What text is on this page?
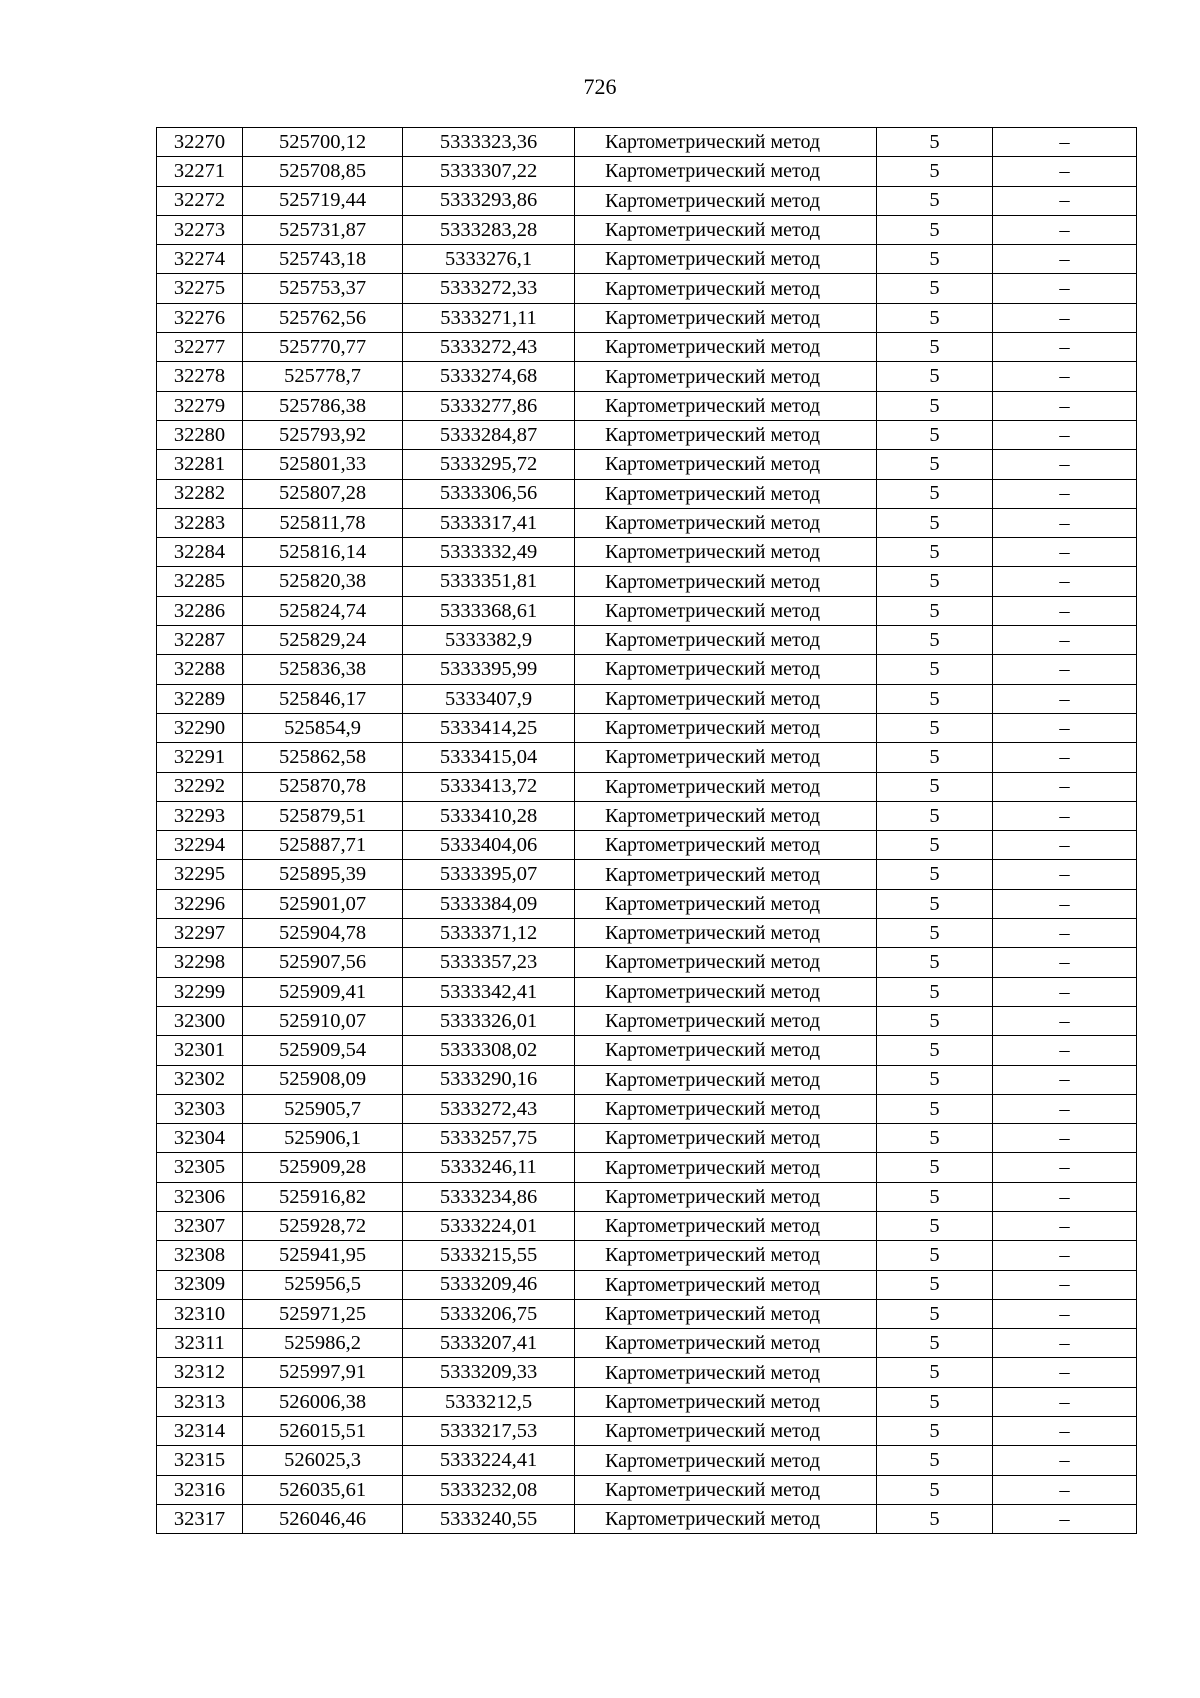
726
32270	525700,12	5333323,36	Картометрический метод	5	–
32271	525708,85	5333307,22	Картометрический метод	5	–
32272	525719,44	5333293,86	Картометрический метод	5	–
32273	525731,87	5333283,28	Картометрический метод	5	–
32274	525743,18	5333276,1	Картометрический метод	5	–
32275	525753,37	5333272,33	Картометрический метод	5	–
32276	525762,56	5333271,11	Картометрический метод	5	–
32277	525770,77	5333272,43	Картометрический метод	5	–
32278	525778,7	5333274,68	Картометрический метод	5	–
32279	525786,38	5333277,86	Картометрический метод	5	–
32280	525793,92	5333284,87	Картометрический метод	5	–
32281	525801,33	5333295,72	Картометрический метод	5	–
32282	525807,28	5333306,56	Картометрический метод	5	–
32283	525811,78	5333317,41	Картометрический метод	5	–
32284	525816,14	5333332,49	Картометрический метод	5	–
32285	525820,38	5333351,81	Картометрический метод	5	–
32286	525824,74	5333368,61	Картометрический метод	5	–
32287	525829,24	5333382,9	Картометрический метод	5	–
32288	525836,38	5333395,99	Картометрический метод	5	–
32289	525846,17	5333407,9	Картометрический метод	5	–
32290	525854,9	5333414,25	Картометрический метод	5	–
32291	525862,58	5333415,04	Картометрический метод	5	–
32292	525870,78	5333413,72	Картометрический метод	5	–
32293	525879,51	5333410,28	Картометрический метод	5	–
32294	525887,71	5333404,06	Картометрический метод	5	–
32295	525895,39	5333395,07	Картометрический метод	5	–
32296	525901,07	5333384,09	Картометрический метод	5	–
32297	525904,78	5333371,12	Картометрический метод	5	–
32298	525907,56	5333357,23	Картометрический метод	5	–
32299	525909,41	5333342,41	Картометрический метод	5	–
32300	525910,07	5333326,01	Картометрический метод	5	–
32301	525909,54	5333308,02	Картометрический метод	5	–
32302	525908,09	5333290,16	Картометрический метод	5	–
32303	525905,7	5333272,43	Картометрический метод	5	–
32304	525906,1	5333257,75	Картометрический метод	5	–
32305	525909,28	5333246,11	Картометрический метод	5	–
32306	525916,82	5333234,86	Картометрический метод	5	–
32307	525928,72	5333224,01	Картометрический метод	5	–
32308	525941,95	5333215,55	Картометрический метод	5	–
32309	525956,5	5333209,46	Картометрический метод	5	–
32310	525971,25	5333206,75	Картометрический метод	5	–
32311	525986,2	5333207,41	Картометрический метод	5	–
32312	525997,91	5333209,33	Картометрический метод	5	–
32313	526006,38	5333212,5	Картометрический метод	5	–
32314	526015,51	5333217,53	Картометрический метод	5	–
32315	526025,3	5333224,41	Картометрический метод	5	–
32316	526035,61	5333232,08	Картометрический метод	5	–
32317	526046,46	5333240,55	Картометрический метод	5	–
